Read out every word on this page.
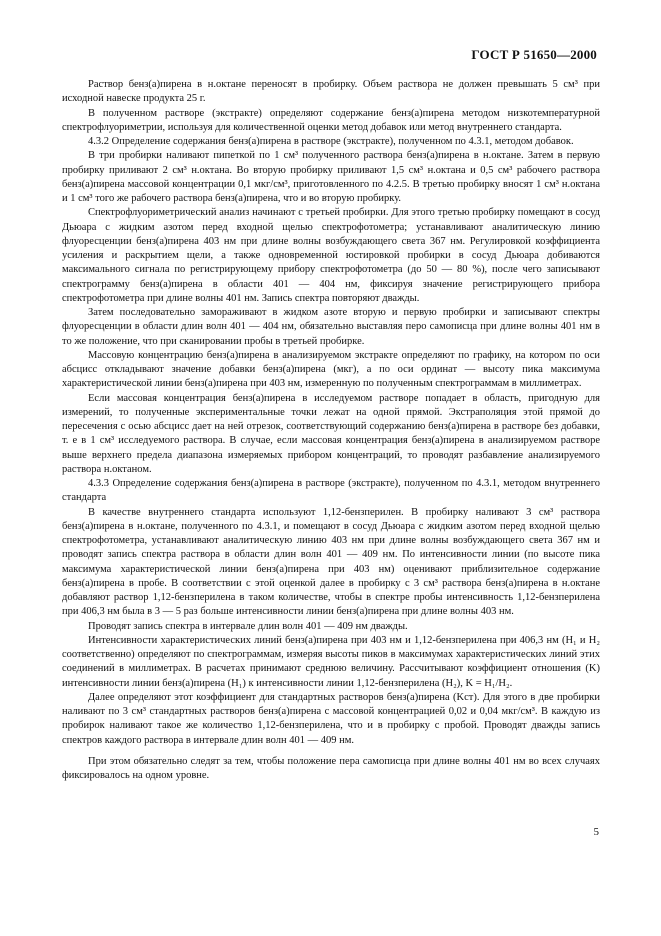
ГОСТ Р 51650—2000

Раствор бенз(а)пирена в н.октане переносят в пробирку. Объем раствора не должен превышать 5 см³ при исходной навеске продукта 25 г.

В полученном растворе (экстракте) определяют содержание бенз(а)пирена методом низкотемпературной спектрофлуориметрии, используя для количественной оценки метод добавок или метод внутреннего стандарта.

4.3.2 Определение содержания бенз(а)пирена в растворе (экстракте), полученном по 4.3.1, методом добавок.

В три пробирки наливают пипеткой по 1 см³ полученного раствора бенз(а)пирена в н.октане. Затем в первую пробирку приливают 2 см³ н.октана. Во вторую пробирку приливают 1,5 см³ н.октана и 0,5 см³ рабочего раствора бенз(а)пирена массовой концентрации 0,1 мкг/см³, приготовленного по 4.2.5. В третью пробирку вносят 1 см³ н.октана и 1 см³ того же рабочего раствора бенз(а)пирена, что и во вторую пробирку.

Спектрофлуориметрический анализ начинают с третьей пробирки. Для этого третью пробирку помещают в сосуд Дьюара с жидким азотом перед входной щелью спектрофотометра; устанавливают аналитическую линию флуоресценции бенз(а)пирена 403 нм при длине волны возбуждающего света 367 нм. Регулировкой коэффициента усиления и раскрытием щели, а также одновременной юстировкой пробирки в сосуд Дьюара добиваются максимального сигнала по регистрирующему прибору спектрофотометра (до 50 — 80 %), после чего записывают спектрограмму бенз(а)пирена в области 401 — 404 нм, фиксируя значение регистрирующего прибора спектрофотометра при длине волны 401 нм. Запись спектра повторяют дважды.

Затем последовательно замораживают в жидком азоте вторую и первую пробирки и записывают спектры флуоресценции в области длин волн 401 — 404 нм, обязательно выставляя перо самописца при длине волны 401 нм в то же положение, что при сканировании пробы в третьей пробирке.

Массовую концентрацию бенз(а)пирена в анализируемом экстракте определяют по графику, на котором по оси абсцисс откладывают значение добавки бенз(а)пирена (мкг), а по оси ординат — высоту пика максимума характеристической линии бенз(а)пирена при 403 нм, измеренную по полученным спектрограммам в миллиметрах.

Если массовая концентрация бенз(а)пирена в исследуемом растворе попадает в область, пригодную для измерений, то полученные экспериментальные точки лежат на одной прямой. Экстраполяция этой прямой до пересечения с осью абсцисс дает на ней отрезок, соответствующий содержанию бенз(а)пирена в растворе без добавки, т. е в 1 см³ исследуемого раствора. В случае, если массовая концентрация бенз(а)пирена в анализируемом растворе выше верхнего предела диапазона измеряемых прибором концентраций, то проводят разбавление анализируемого раствора н.октаном.

4.3.3 Определение содержания бенз(а)пирена в растворе (экстракте), полученном по 4.3.1, методом внутреннего стандарта

В качестве внутреннего стандарта используют 1,12-бензперилен. В пробирку наливают 3 см³ раствора бенз(а)пирена в н.октане, полученного по 4.3.1, и помещают в сосуд Дьюара с жидким азотом перед входной щелью спектрофотометра, устанавливают аналитическую линию 403 нм при длине волны возбуждающего света 367 нм и проводят запись спектра раствора в области длин волн 401 — 409 нм. По интенсивности линии (по высоте пика максимума характеристической линии бенз(а)пирена при 403 нм) оценивают приблизительное содержание бенз(а)пирена в пробе. В соответствии с этой оценкой далее в пробирку с 3 см³ раствора бенз(а)пирена в н.октане добавляют раствор 1,12-бензперилена в таком количестве, чтобы в спектре пробы интенсивность 1,12-бензперилена при 406,3 нм была в 3 — 5 раз больше интенсивности линии бенз(а)пирена при длине волны 403 нм.

Проводят запись спектра в интервале длин волн 401 — 409 нм дважды.

Интенсивности характеристических линий бенз(а)пирена при 403 нм и 1,12-бензперилена при 406,3 нм (H₁ и H₂ соответственно) определяют по спектрограммам, измеряя высоты пиков в максимумах характеристических линий этих соединений в миллиметрах. В расчетах принимают среднюю величину. Рассчитывают коэффициент отношения (K) интенсивности линии бенз(а)пирена (H₁) к интенсивности линии 1,12-бензперилена (H₂), K = H₁/H₂.

Далее определяют этот коэффициент для стандартных растворов бенз(а)пирена (Kст). Для этого в две пробирки наливают по 3 см³ стандартных растворов бенз(а)пирена с массовой концентрацией 0,02 и 0,04 мкг/см³. В каждую из пробирок наливают такое же количество 1,12-бензперилена, что и в пробирку с пробой. Проводят дважды запись спектров каждого раствора в интервале длин волн 401 — 409 нм.

При этом обязательно следят за тем, чтобы положение пера самописца при длине волны 401 нм во всех случаях фиксировалось на одном уровне.

5
